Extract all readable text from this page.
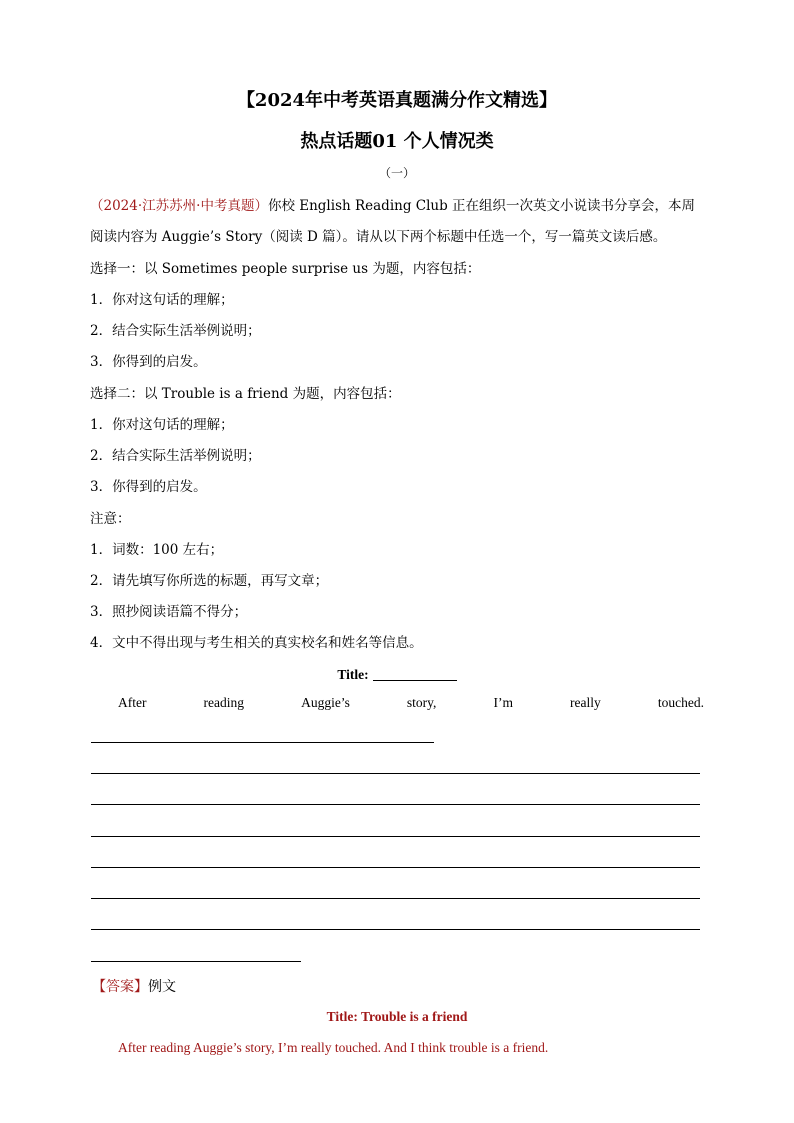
【2024年中考英语真题满分作文精选】
热点话题01 个人情况类
（一）
（2024·江苏苏州·中考真题）你校 English Reading Club 正在组织一次英文小说读书分享会，本周阅读内容为 Auggie’s Story（阅读 D 篇）。请从以下两个标题中任选一个，写一篇英文读后感。
选择一：以 Sometimes people surprise us 为题，内容包括：
1．你对这句话的理解；
2．结合实际生活举例说明；
3．你得到的启发。
选择二：以 Trouble is a friend 为题，内容包括：
1．你对这句话的理解；
2．结合实际生活举例说明；
3．你得到的启发。
注意：
1．词数：100 左右；
2．请先填写你所选的标题，再写文章；
3．照抄阅读语篇不得分；
4．文中不得出现与考生相关的真实校名和姓名等信息。
Title:
After	reading	Auggie’s	story,	I’m	really	touched.
【答案】例文
Title: Trouble is a friend
After reading Auggie’s story, I’m really touched. And I think trouble is a friend.
